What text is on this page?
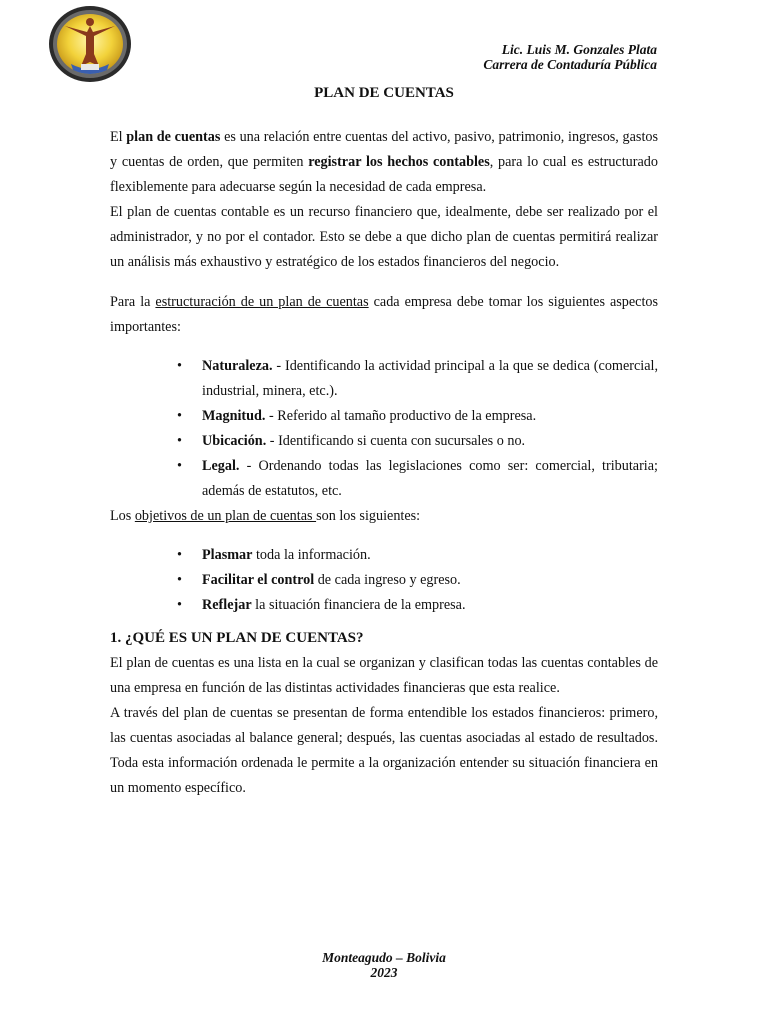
Lic. Luis M. Gonzales Plata
Carrera de Contaduría Pública
PLAN DE CUENTAS

El plan de cuentas es una relación entre cuentas del activo, pasivo, patrimonio, ingresos, gastos y cuentas de orden, que permiten registrar los hechos contables, para lo cual es estructurado flexiblemente para adecuarse según la necesidad de cada empresa.

El plan de cuentas contable es un recurso financiero que, idealmente, debe ser realizado por el administrador, y no por el contador. Esto se debe a que dicho plan de cuentas permitirá realizar un análisis más exhaustivo y estratégico de los estados financieros del negocio.

Para la estructuración de un plan de cuentas cada empresa debe tomar los siguientes aspectos importantes:

• Naturaleza. - Identificando la actividad principal a la que se dedica (comercial, industrial, minera, etc.).
• Magnitud. - Referido al tamaño productivo de la empresa.
• Ubicación. - Identificando si cuenta con sucursales o no.
• Legal. - Ordenando todas las legislaciones como ser: comercial, tributaria; además de estatutos, etc.

Los objetivos de un plan de cuentas son los siguientes:

• Plasmar toda la información.
• Facilitar el control de cada ingreso y egreso.
• Reflejar la situación financiera de la empresa.

1. ¿QUÉ ES UN PLAN DE CUENTAS?

El plan de cuentas es una lista en la cual se organizan y clasifican todas las cuentas contables de una empresa en función de las distintas actividades financieras que esta realice.

A través del plan de cuentas se presentan de forma entendible los estados financieros: primero, las cuentas asociadas al balance general; después, las cuentas asociadas al estado de resultados. Toda esta información ordenada le permite a la organización entender su situación financiera en un momento específico.

Monteagudo – Bolivia
2023
